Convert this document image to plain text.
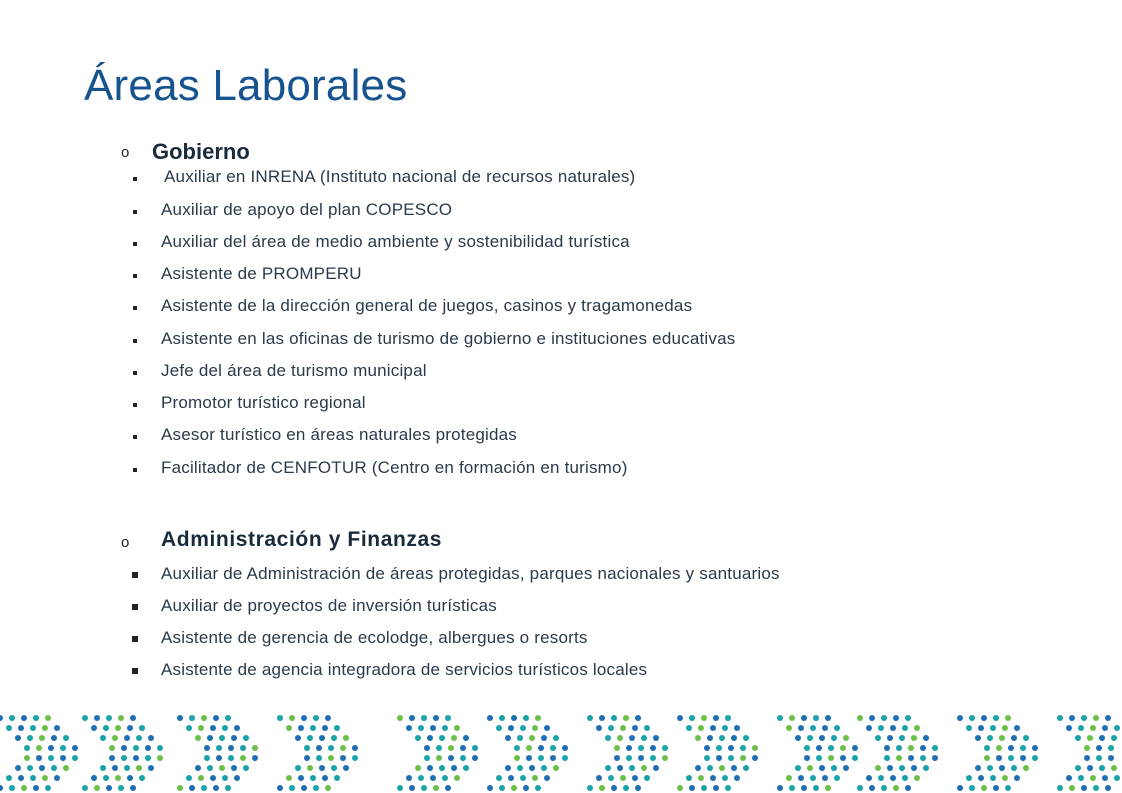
Áreas Laborales
o Gobierno
Auxiliar en INRENA (Instituto nacional de recursos naturales)
Auxiliar de apoyo del plan COPESCO
Auxiliar del área de medio ambiente y sostenibilidad turística
Asistente de PROMPERU
Asistente de la dirección general de juegos, casinos y tragamonedas
Asistente en las oficinas de turismo de gobierno e instituciones educativas
Jefe del área de turismo municipal
Promotor turístico regional
Asesor turístico en áreas naturales protegidas
Facilitador de CENFOTUR (Centro en formación en turismo)
o Administración y Finanzas
Auxiliar de Administración de áreas protegidas, parques nacionales y santuarios
Auxiliar de proyectos de inversión turísticas
Asistente de gerencia de ecolodge, albergues o resorts
Asistente de agencia integradora de servicios turísticos locales
